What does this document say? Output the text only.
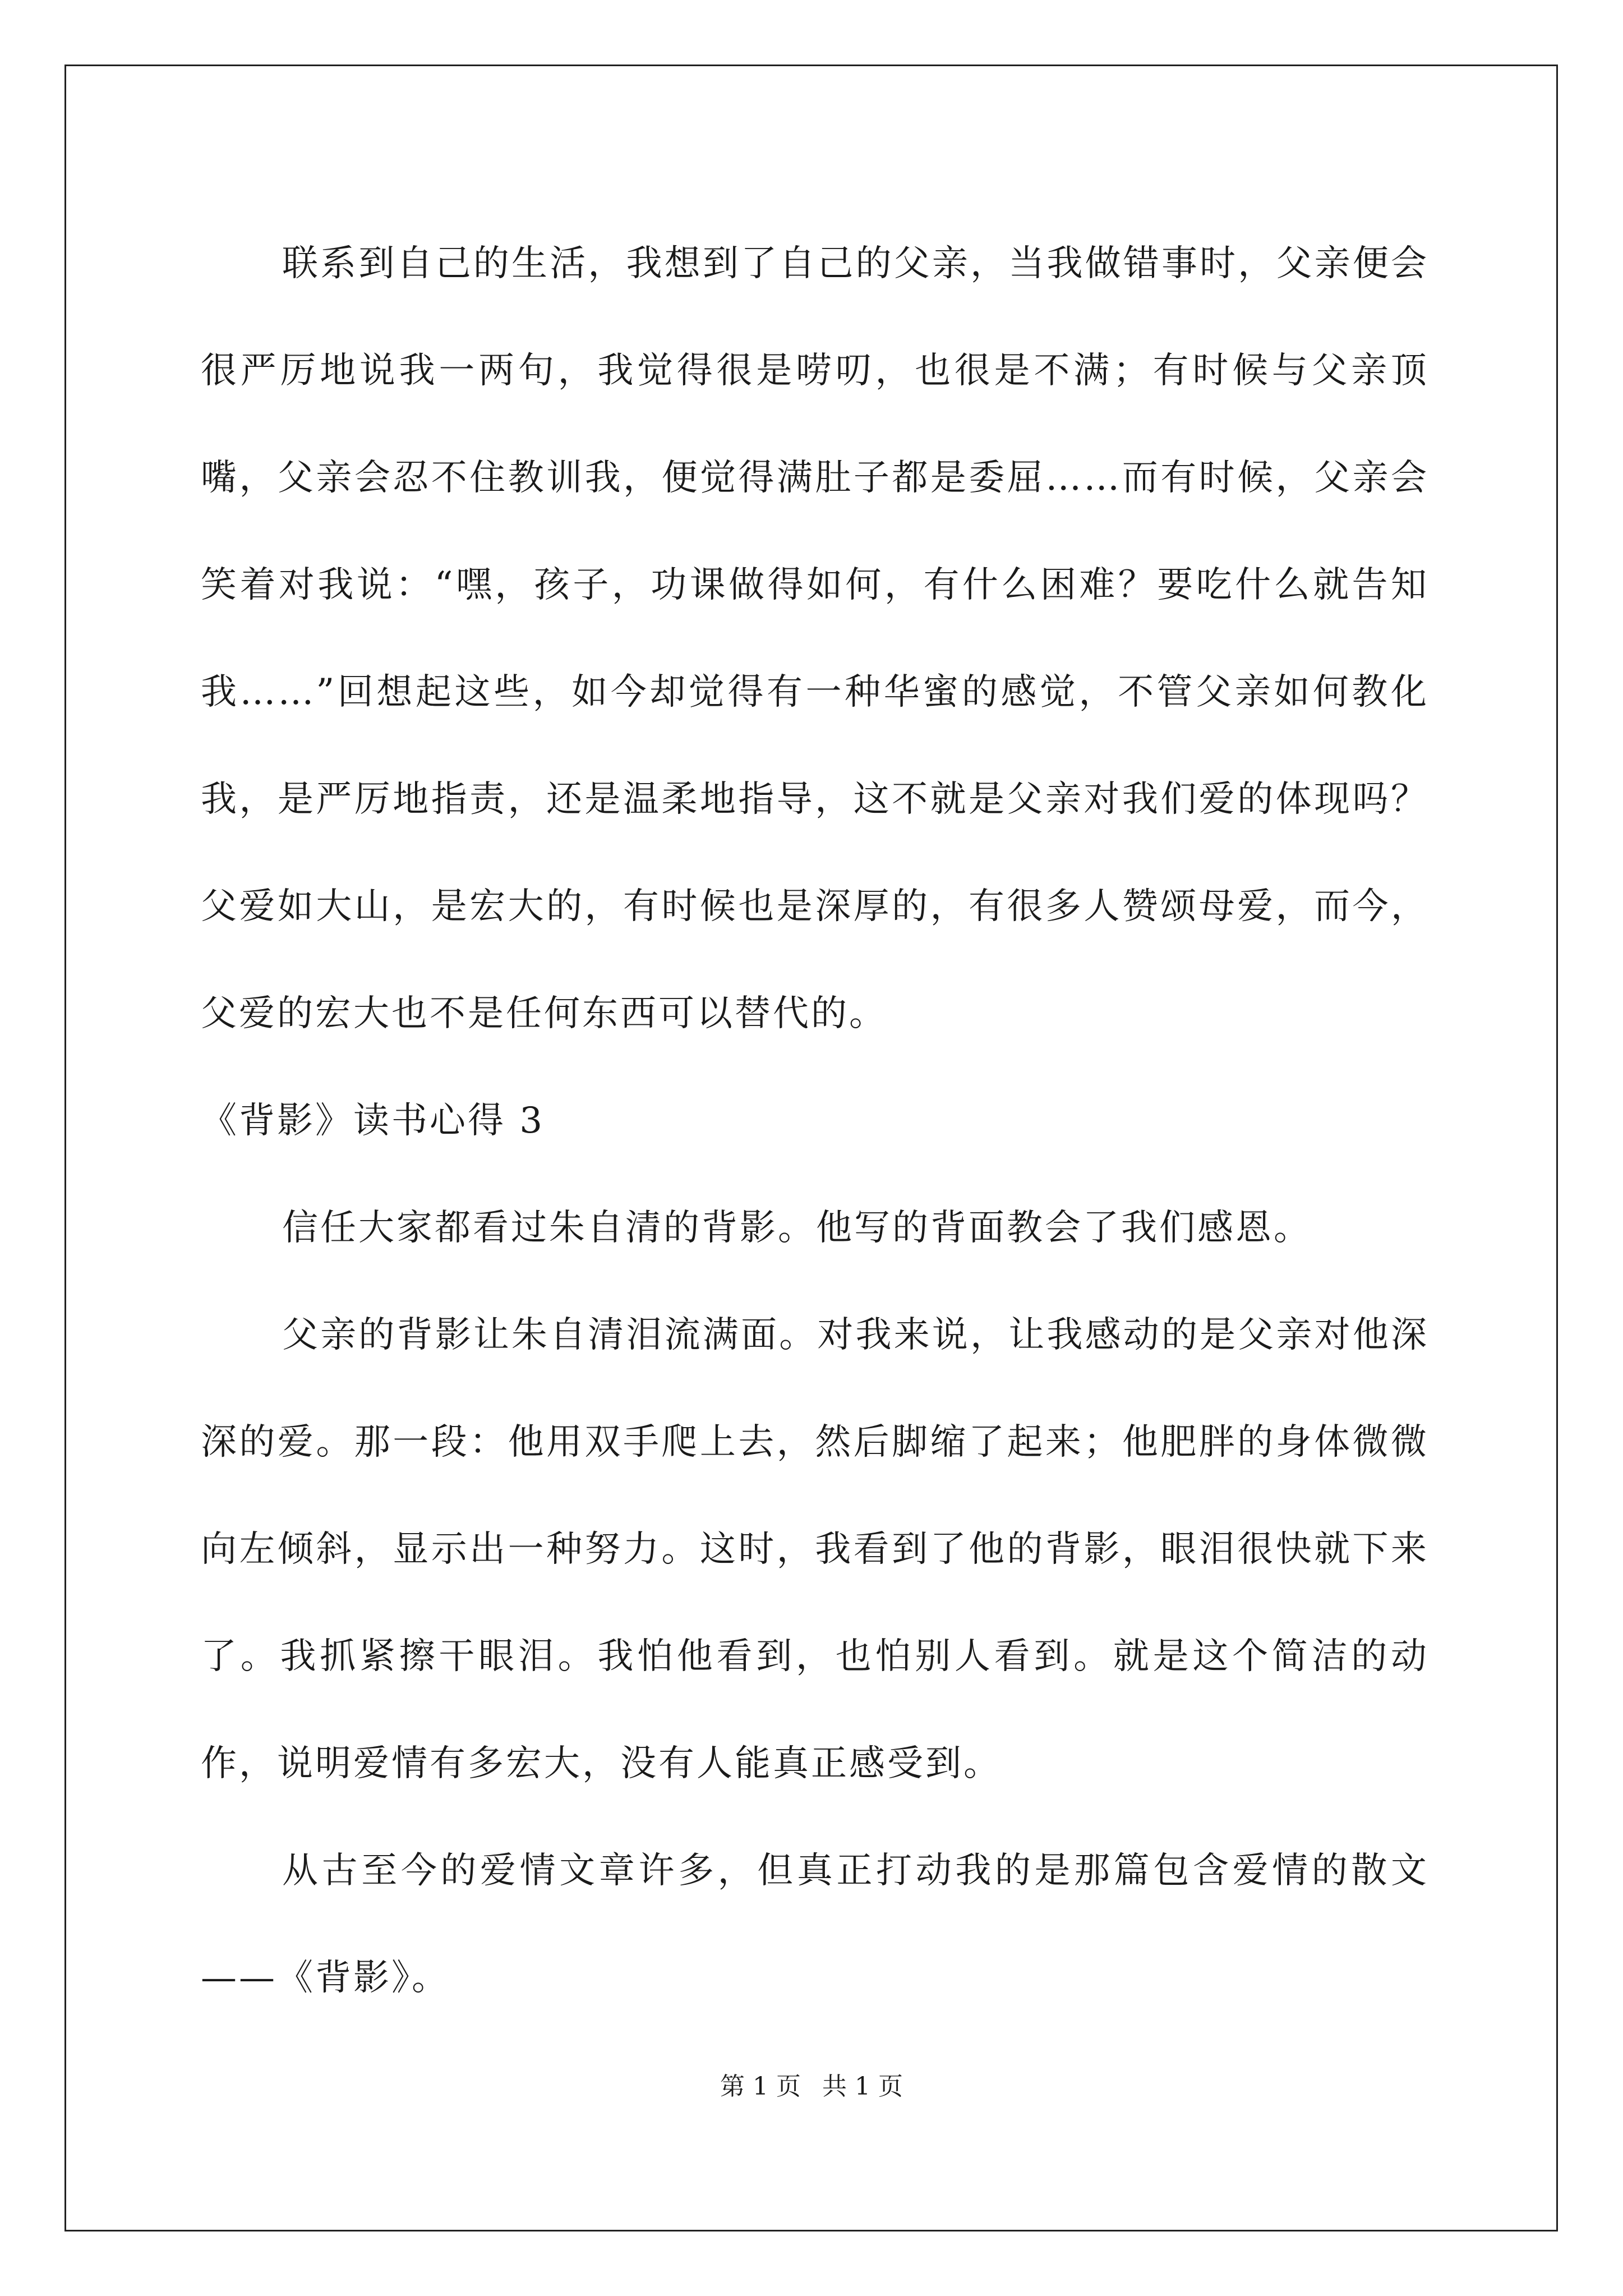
联系到自己的生活，我想到了自己的父亲，当我做错事时，父亲便会很严厉地说我一两句，我觉得很是唠叨，也很是不满；有时候与父亲顶嘴，父亲会忍不住教训我，便觉得满肚子都是委屈……而有时候，父亲会笑着对我说：“嘿，孩子，功课做得如何，有什么困难？要吃什么就告知我……”回想起这些，如今却觉得有一种华蜜的感觉，不管父亲如何教化我，是严厉地指责，还是温柔地指导，这不就是父亲对我们爱的体现吗？父爱如大山，是宏大的，有时候也是深厚的，有很多人赞颂母爱，而今，父爱的宏大也不是任何东西可以替代的。

《背影》读书心得 3

信任大家都看过朱自清的背影。他写的背面教会了我们感恩。

父亲的背影让朱自清泪流满面。对我来说，让我感动的是父亲对他深深的爱。那一段：他用双手爬上去，然后脚缩了起来；他肥胖的身体微微向左倾斜，显示出一种努力。这时，我看到了他的背影，眼泪很快就下来了。我抓紧擦干眼泪。我怕他看到，也怕别人看到。就是这个简洁的动作，说明爱情有多宏大，没有人能真正感受到。

从古至今的爱情文章许多，但真正打动我的是那篇包含爱情的散文——《背影》。

第 1 页 共 1 页
